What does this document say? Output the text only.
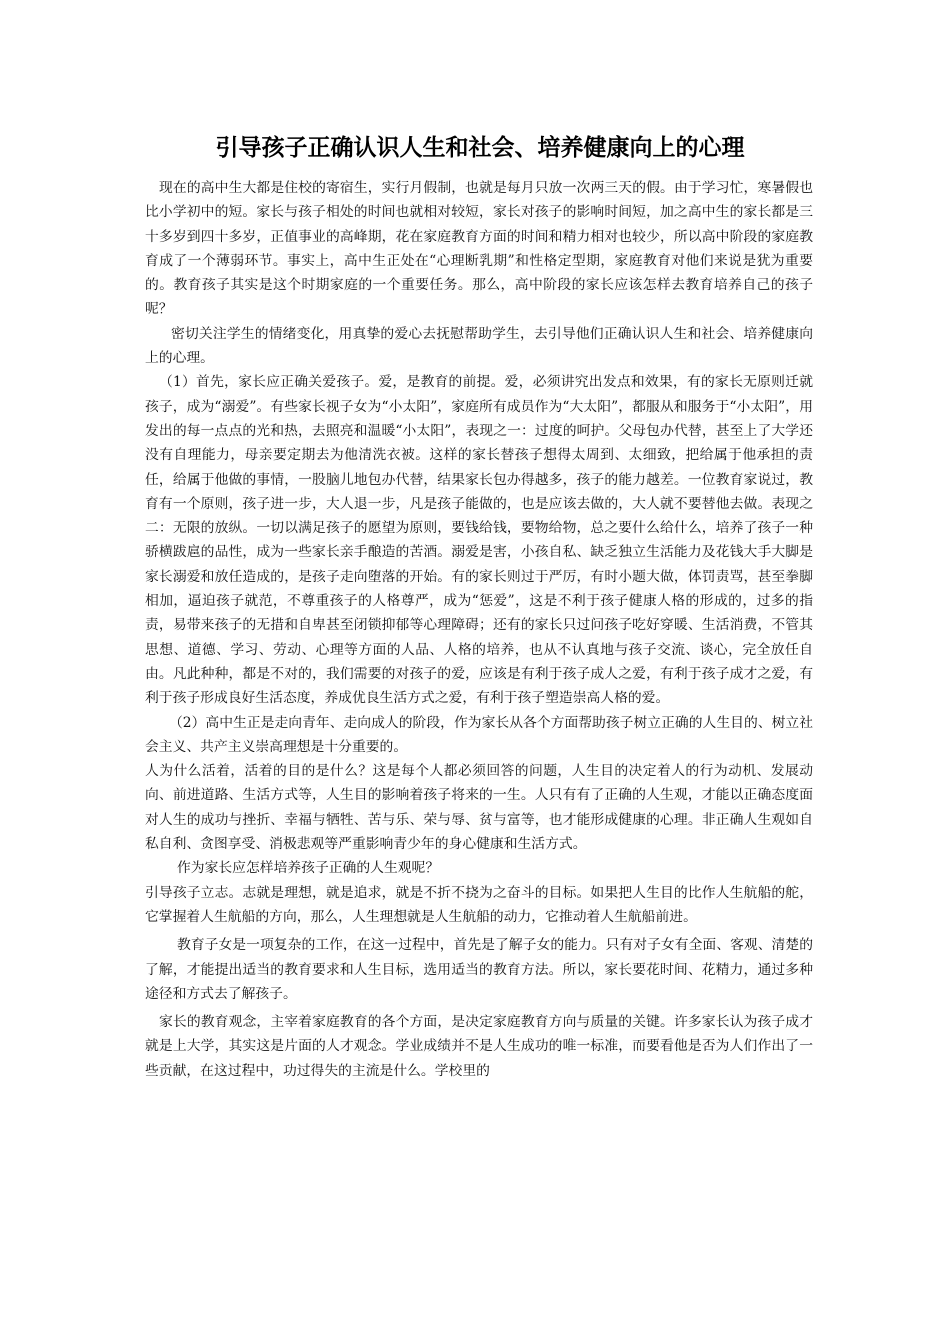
引导孩子正确认识人生和社会、培养健康向上的心理

现在的高中生大都是住校的寄宿生，实行月假制，也就是每月只放一次两三天的假。由于学习忙，寒暑假也比小学初中的短。家长与孩子相处的时间也就相对较短，家长对孩子的影响时间短，加之高中生的家长都是三十多岁到四十多岁，正值事业的高峰期，花在家庭教育方面的时间和精力相对也较少，所以高中阶段的家庭教育成了一个薄弱环节。事实上，高中生正处在“心理断乳期”和性格定型期，家庭教育对他们来说是犹为重要的。教育孩子其实是这个时期家庭的一个重要任务。那么，高中阶段的家长应该怎样去教育培养自己的孩子呢？

密切关注学生的情绪变化，用真挚的爱心去抚慰帮助学生，去引导他们正确认识人生和社会、培养健康向上的心理。

（1）首先，家长应正确关爱孩子。爱，是教育的前提。爱，必须讲究出发点和效果，有的家长无原则迁就孩子，成为“溺爱”。有些家长视子女为“小太阳”，家庭所有成员作为“大太阳”，都服从和服务于“小太阳”，用发出的每一点点的光和热，去照亮和温暖“小太阳”，表现之一：过度的呵护。父母包办代替，甚至上了大学还没有自理能力，母亲要定期去为他清洗衣被。这样的家长替孩子想得太周到、太细致，把给属于他承担的责任，给属于他做的事情，一股脑儿地包办代替，结果家长包办得越多，孩子的能力越差。一位教育家说过，教育有一个原则，孩子进一步，大人退一步，凡是孩子能做的，也是应该去做的，大人就不要替他去做。表现之二：无限的放纵。一切以满足孩子的愿望为原则，要钱给钱，要物给物，总之要什么给什么，培养了孩子一种骄横跋扈的品性，成为一些家长亲手酿造的苦酒。溺爱是害，小孩自私、缺乏独立生活能力及花钱大手大脚是家长溺爱和放任造成的，是孩子走向堕落的开始。有的家长则过于严厉，有时小题大做，体罚责骂，甚至拳脚相加，逼迫孩子就范，不尊重孩子的人格尊严，成为“惩爱”，这是不利于孩子健康人格的形成的，过多的指责，易带来孩子的无措和自卑甚至闭锁抑郁等心理障碍；还有的家长只过问孩子吃好穿暖、生活消费，不管其思想、道德、学习、劳动、心理等方面的人品、人格的培养，也从不认真地与孩子交流、谈心，完全放任自由。凡此种种，都是不对的，我们需要的对孩子的爱，应该是有利于孩子成人之爱，有利于孩子成才之爱，有利于孩子形成良好生活态度，养成优良生活方式之爱，有利于孩子塑造崇高人格的爱。

（2）高中生正是走向青年、走向成人的阶段，作为家长从各个方面帮助孩子树立正确的人生目的、树立社会主义、共产主义崇高理想是十分重要的。

人为什么活着，活着的目的是什么？这是每个人都必须回答的问题，人生目的决定着人的行为动机、发展动向、前进道路、生活方式等，人生目的影响着孩子将来的一生。人只有有了正确的人生观，才能以正确态度面对人生的成功与挫折、幸福与牺牲、苦与乐、荣与辱、贫与富等，也才能形成健康的心理。非正确人生观如自私自利、贪图享受、消极悲观等严重影响青少年的身心健康和生活方式。

作为家长应怎样培养孩子正确的人生观呢？

引导孩子立志。志就是理想，就是追求，就是不折不挠为之奋斗的目标。如果把人生目的比作人生航船的舵，它掌握着人生航船的方向，那么，人生理想就是人生航船的动力，它推动着人生航船前进。

教育子女是一项复杂的工作，在这一过程中，首先是了解子女的能力。只有对子女有全面、客观、清楚的了解，才能提出适当的教育要求和人生目标，选用适当的教育方法。所以，家长要花时间、花精力，通过多种途径和方式去了解孩子。

家长的教育观念，主宰着家庭教育的各个方面，是决定家庭教育方向与质量的关键。许多家长认为孩子成才就是上大学，其实这是片面的人才观念。学业成绩并不是人生成功的唯一标准，而要看他是否为人们作出了一些贡献，在这过程中，功过得失的主流是什么。学校里的
